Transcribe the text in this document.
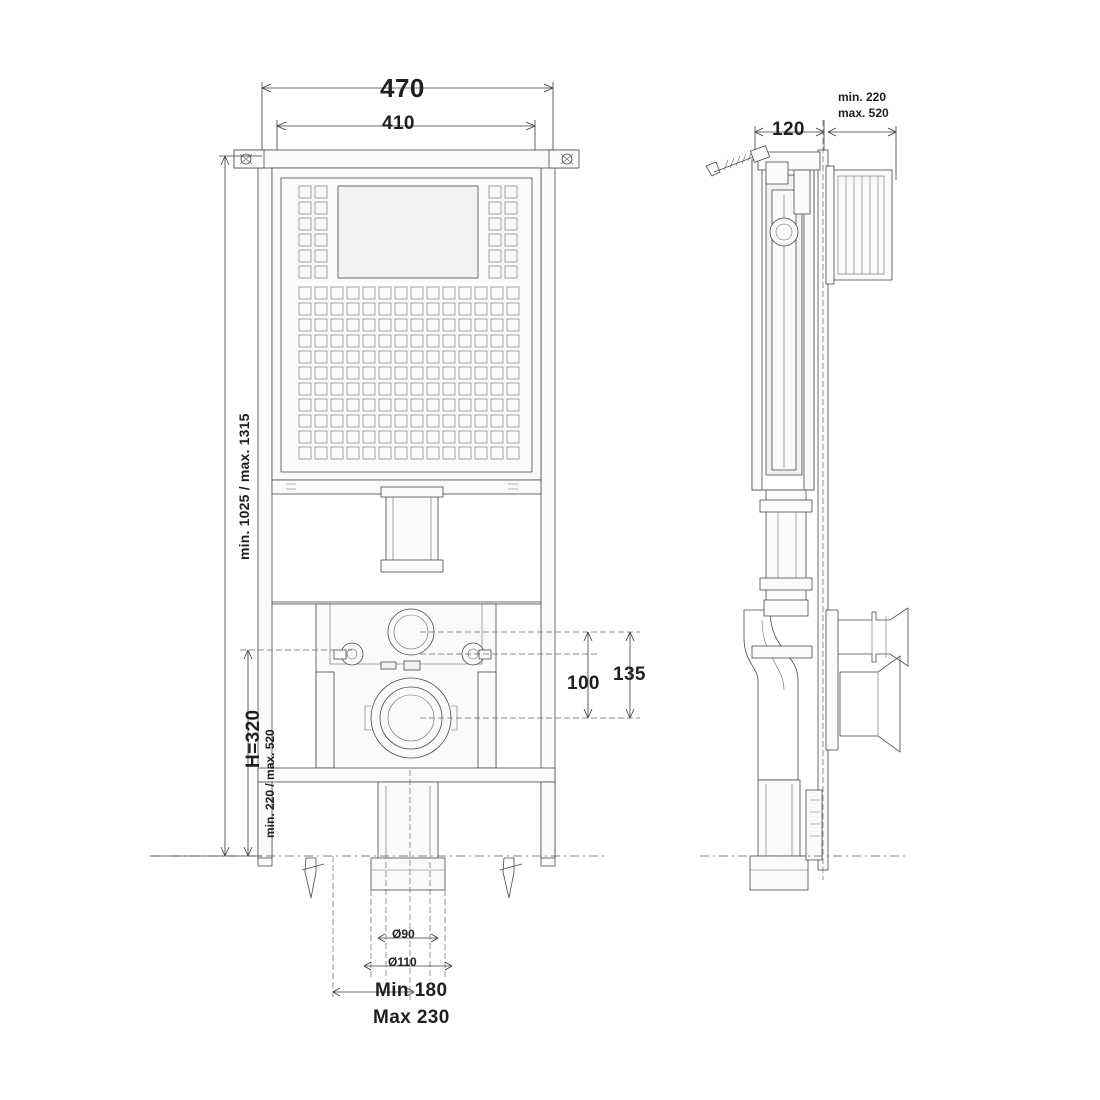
470
410
min. 1025 / max. 1315
H=320 min. 220 / max. 520
100 135
Ø90
Ø110
Min 180
Max 230
120
min. 220
max. 520
